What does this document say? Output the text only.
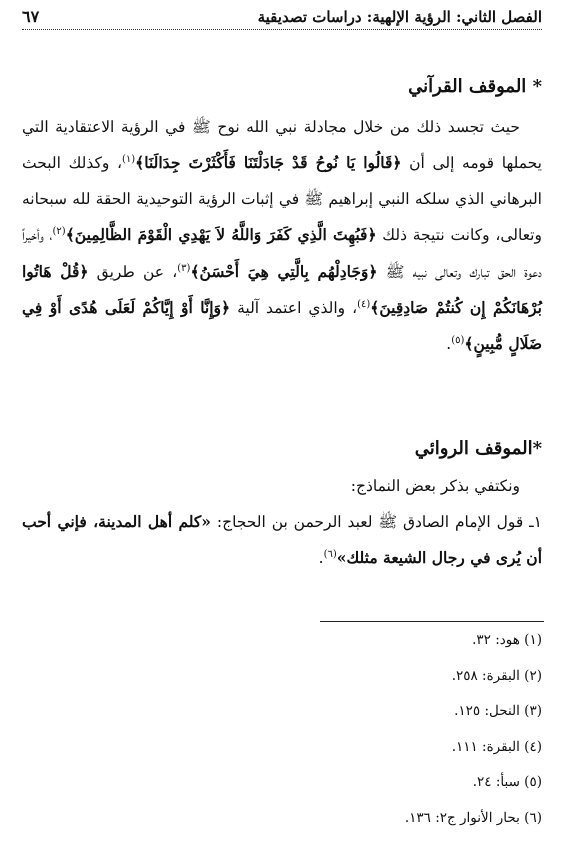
الفصل الثاني: الرؤية الإلهية: دراسات تصديقية
٦٧
* الموقف القرآني
حيث تجسد ذلك من خلال مجادلة نبي الله نوح ﷺ في الرؤية الاعتقادية التي يحملها قومه إلى أن ﴿قَالُوا يَا نُوحُ قَدْ جَادَلْتَنَا فَأَكْثَرْتَ جِدَالَنَا﴾$^{(١)}$، وكذلك البحث البرهاني الذي سلكه النبي إبراهيم ﷺ في إثبات الرؤية التوحيدية الحقة لله سبحانه وتعالى، وكانت نتيجة ذلك ﴿فَبُهِتَ الَّذِي كَفَرَ وَاللَّهُ لاَ يَهْدِي الْقَوْمَ الظَّالِمِينَ﴾$^{(٢)}$، وأخيراً دعوة الحق تبارك وتعالى نبيه ﷺ ﴿وَجَادِلْهُم بِالَّتِي هِيَ أَحْسَنُ﴾$^{(٣)}$، عن طريق ﴿قُلْ هَاتُوا بُرْهَانَكُمْ إِن كُنتُمْ صَادِقِينَ﴾$^{(٤)}$، والذي اعتمد آلية ﴿وَإِنَّا أَوْ إِيَّاكُمْ لَعَلَى هُدًى أَوْ فِي ضَلَالٍ مُّبِينٍ﴾$^{(٥)}$.
*الموقف الروائي
ونكتفي بذكر بعض النماذج:
١ـ قول الإمام الصادق ﷺ لعبد الرحمن بن الحجاج: «كلم أهل المدينة، فإني أحب أن يُرى في رجال الشيعة مثلك»$^{(٦)}$.
(١) هود: ٣٢.
(٢) البقرة: ٢٥٨.
(٣) النحل: ١٢٥.
(٤) البقرة: ١١١.
(٥) سبأ: ٢٤.
(٦) بحار الأنوار ج٢: ١٣٦.
